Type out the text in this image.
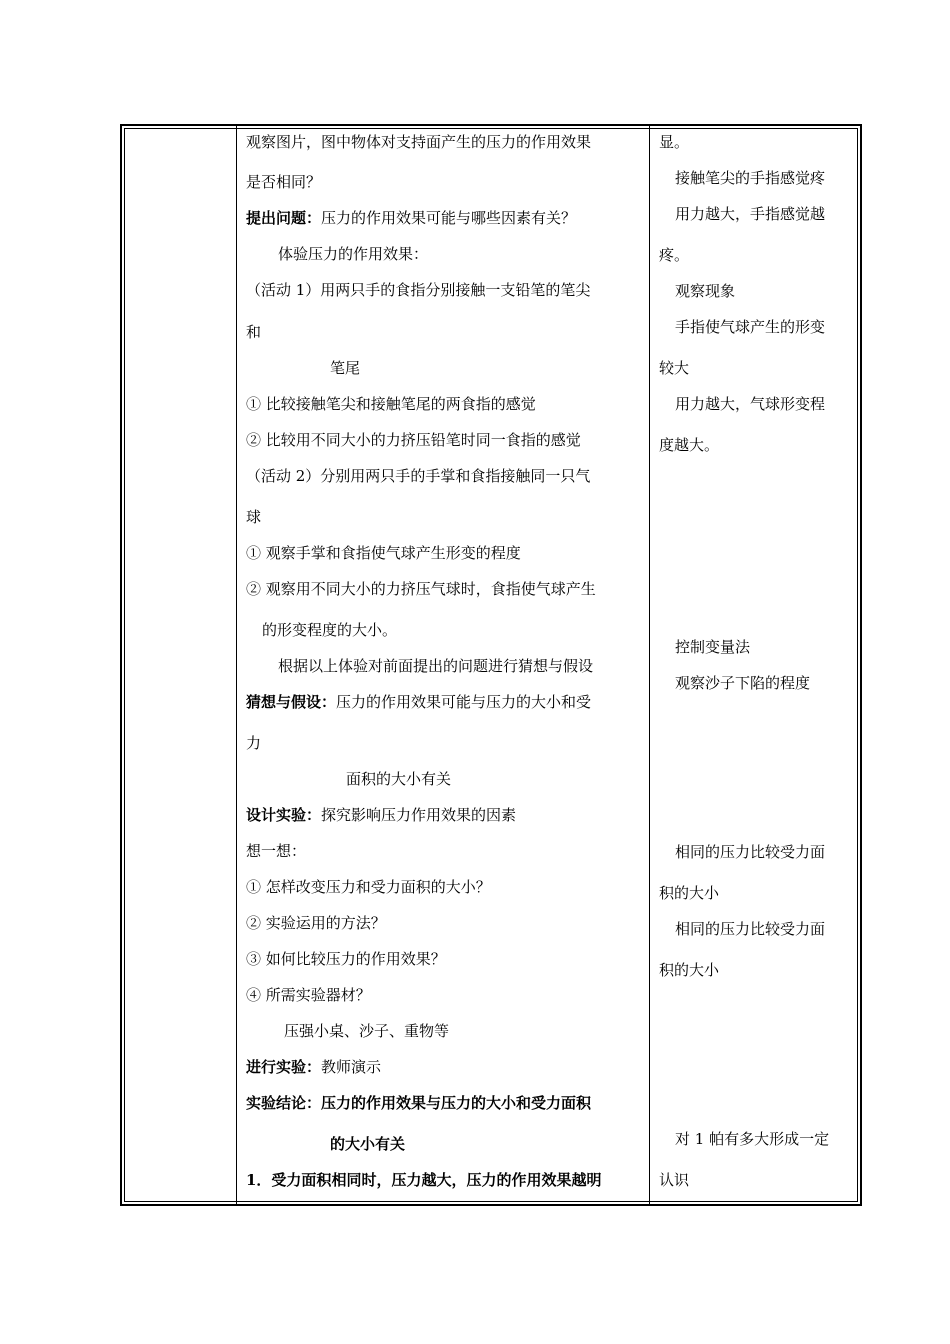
观察图片，图中物体对支持面产生的压力的作用效果
是否相同？
提出问题：压力的作用效果可能与哪些因素有关？
体验压力的作用效果：
（活动 1）用两只手的食指分别接触一支铅笔的笔尖
和
笔尾
① 比较接触笔尖和接触笔尾的两食指的感觉
② 比较用不同大小的力挤压铅笔时同一食指的感觉
（活动 2）分别用两只手的手掌和食指接触同一只气
球
① 观察手掌和食指使气球产生形变的程度
② 观察用不同大小的力挤压气球时，食指使气球产生
的形变程度的大小。
根据以上体验对前面提出的问题进行猜想与假设
猜想与假设：压力的作用效果可能与压力的大小和受
力
面积的大小有关
设计实验：探究影响压力作用效果的因素
想一想：
① 怎样改变压力和受力面积的大小？
② 实验运用的方法？
③ 如何比较压力的作用效果？
④ 所需实验器材？
压强小桌、沙子、重物等
进行实验：教师演示
实验结论：压力的作用效果与压力的大小和受力面积
的大小有关
1．受力面积相同时，压力越大，压力的作用效果越明
显。
接触笔尖的手指感觉疼
用力越大，手指感觉越
疼。
观察现象
手指使气球产生的形变
较大
用力越大，气球形变程
度越大。
控制变量法
观察沙子下陷的程度
相同的压力比较受力面
积的大小
相同的压力比较受力面
积的大小
对 1 帕有多大形成一定
认识
